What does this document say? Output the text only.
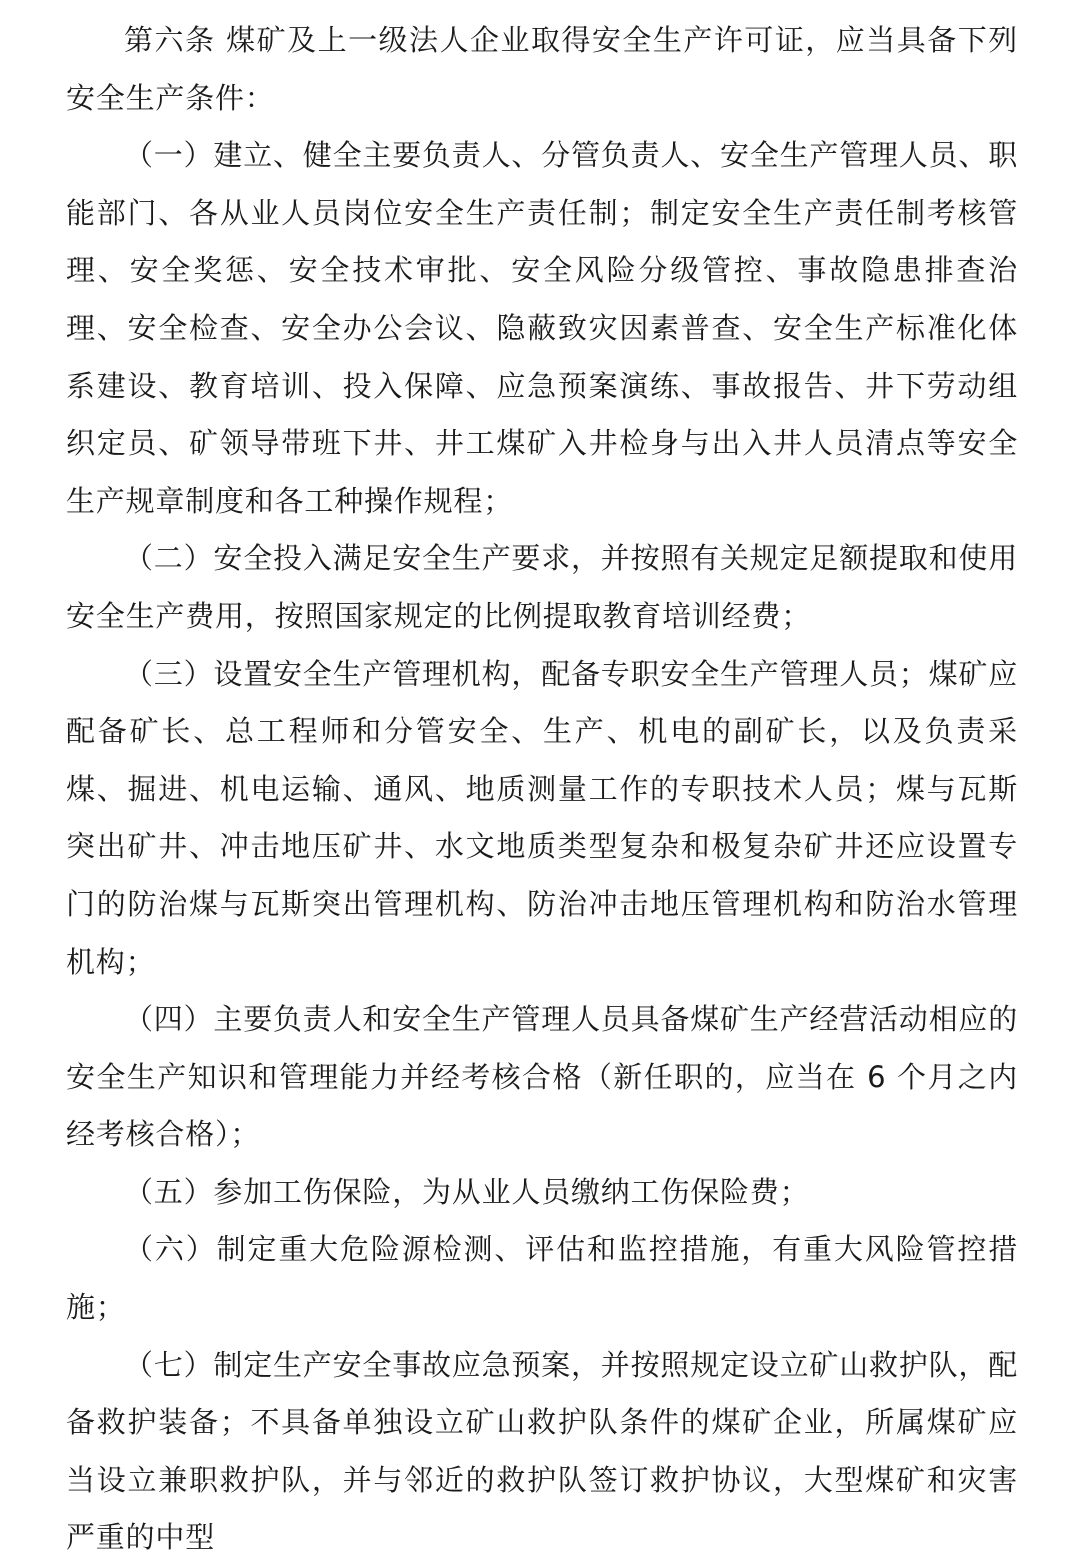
第六条 煤矿及上一级法人企业取得安全生产许可证，应当具备下列安全生产条件：

（一）建立、健全主要负责人、分管负责人、安全生产管理人员、职能部门、各从业人员岗位安全生产责任制；制定安全生产责任制考核管理、安全奖惩、安全技术审批、安全风险分级管控、事故隐患排查治理、安全检查、安全办公会议、隐蔽致灾因素普查、安全生产标准化体系建设、教育培训、投入保障、应急预案演练、事故报告、井下劳动组织定员、矿领导带班下井、井工煤矿入井检身与出入井人员清点等安全生产规章制度和各工种操作规程；

（二）安全投入满足安全生产要求，并按照有关规定足额提取和使用安全生产费用，按照国家规定的比例提取教育培训经费；

（三）设置安全生产管理机构，配备专职安全生产管理人员；煤矿应配备矿长、总工程师和分管安全、生产、机电的副矿长，以及负责采煤、掘进、机电运输、通风、地质测量工作的专职技术人员；煤与瓦斯突出矿井、冲击地压矿井、水文地质类型复杂和极复杂矿井还应设置专门的防治煤与瓦斯突出管理机构、防治冲击地压管理机构和防治水管理机构；

（四）主要负责人和安全生产管理人员具备煤矿生产经营活动相应的安全生产知识和管理能力并经考核合格（新任职的，应当在 6 个月之内经考核合格）；

（五）参加工伤保险，为从业人员缴纳工伤保险费；

（六）制定重大危险源检测、评估和监控措施，有重大风险管控措施；

（七）制定生产安全事故应急预案，并按照规定设立矿山救护队，配备救护装备；不具备单独设立矿山救护队条件的煤矿企业，所属煤矿应当设立兼职救护队，并与邻近的救护队签订救护协议，大型煤矿和灾害严重的中型
